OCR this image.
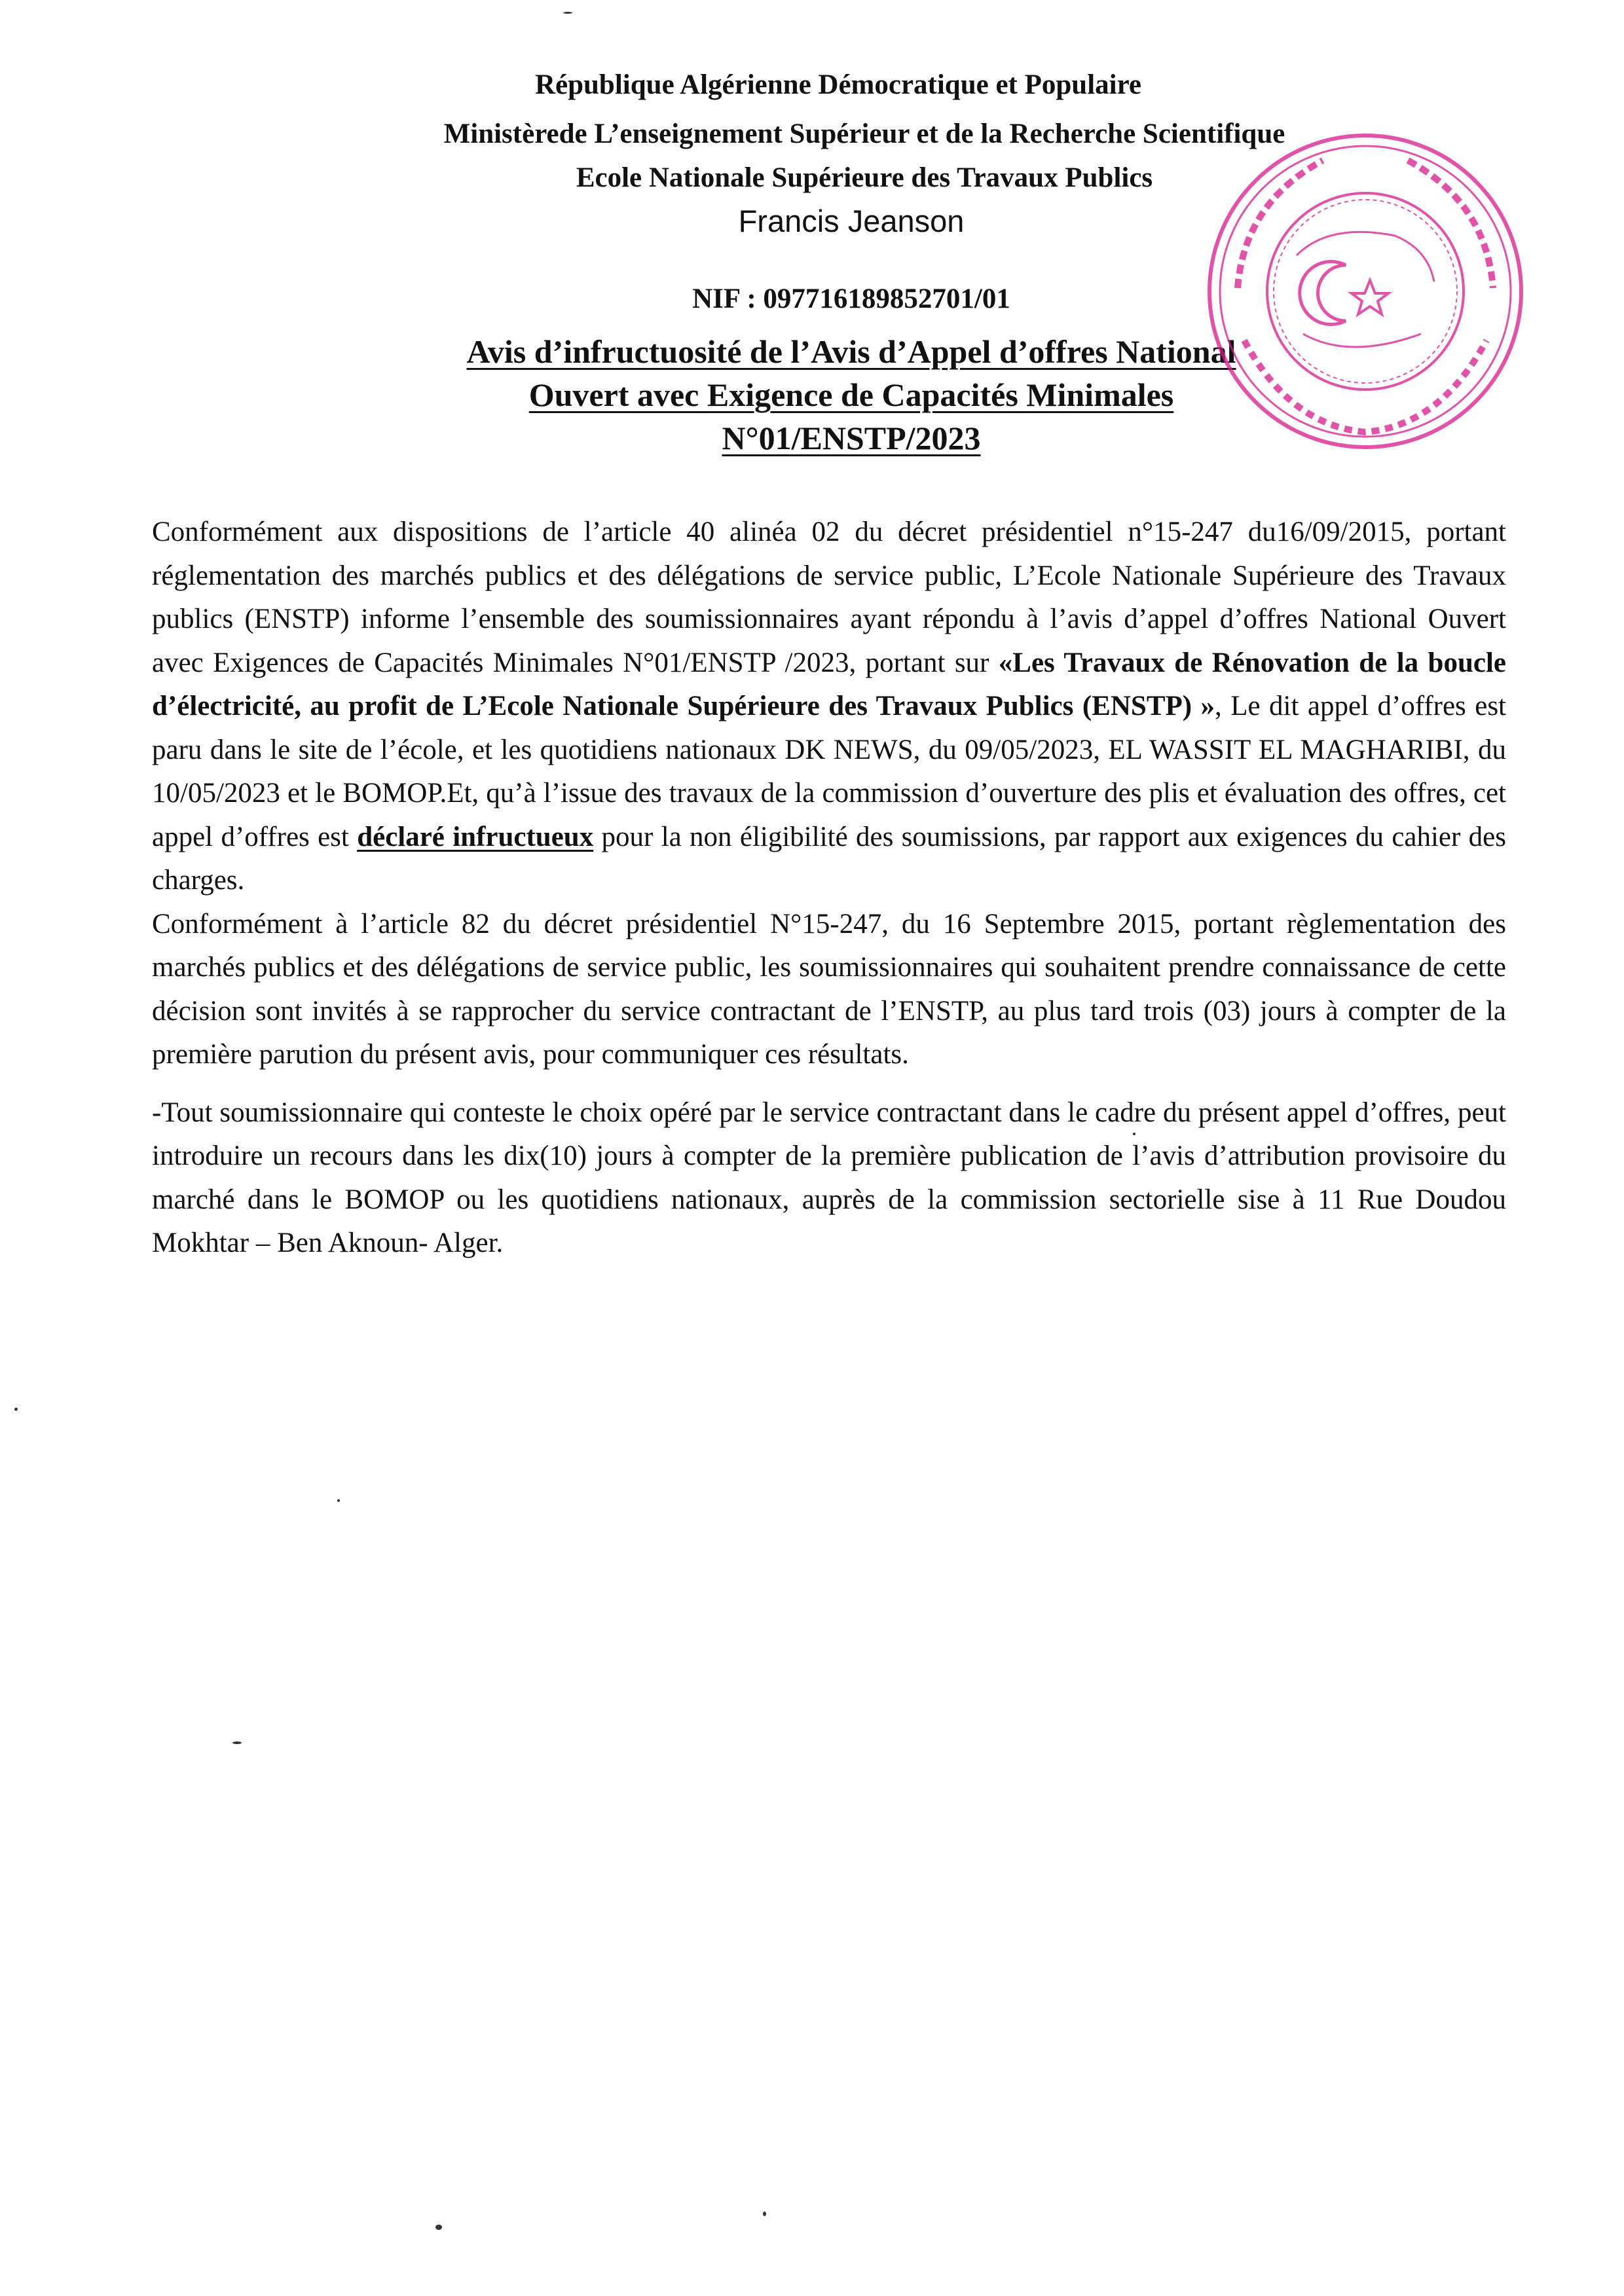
République Algérienne Démocratique et Populaire
Ministèrede L’enseignement Supérieur et de la Recherche Scientifique
Ecole Nationale Supérieure des Travaux Publics
Francis Jeanson
NIF : 097716189852701/01
Avis d’infructuosité de l’Avis d’Appel d’offres National
Ouvert avec Exigence de Capacités Minimales
N°01/ENSTP/2023

Conformément aux dispositions de l’article 40 alinéa 02 du décret présidentiel n°15-247 du16/09/2015, portant réglementation des marchés publics et des délégations de service public, L’Ecole Nationale Supérieure des Travaux publics (ENSTP) informe l’ensemble des soumissionnaires ayant répondu à l’avis d’appel d’offres National Ouvert avec Exigences de Capacités Minimales N°01/ENSTP /2023, portant sur «Les Travaux de Rénovation de la boucle d’électricité, au profit de L’Ecole Nationale Supérieure des Travaux Publics (ENSTP) », Le dit appel d’offres est paru dans le site de l’école, et les quotidiens nationaux DK NEWS, du 09/05/2023, EL WASSIT EL MAGHARIBI, du 10/05/2023 et le BOMOP.Et, qu’à l’issue des travaux de la commission d’ouverture des plis et évaluation des offres, cet appel d’offres est déclaré infructueux pour la non éligibilité des soumissions, par rapport aux exigences du cahier des charges.

Conformément à l’article 82 du décret présidentiel N°15-247, du 16 Septembre 2015, portant règlementation des marchés publics et des délégations de service public, les soumissionnaires qui souhaitent prendre connaissance de cette décision sont invités à se rapprocher du service contractant de l’ENSTP, au plus tard trois (03) jours à compter de la première parution du présent avis, pour communiquer ces résultats.

-Tout soumissionnaire qui conteste le choix opéré par le service contractant dans le cadre du présent appel d’offres, peut introduire un recours dans les dix(10) jours à compter de la première publication de l’avis d’attribution provisoire du marché dans le BOMOP ou les quotidiens nationaux, auprès de la commission sectorielle sise à 11 Rue Doudou Mokhtar – Ben Aknoun- Alger.
